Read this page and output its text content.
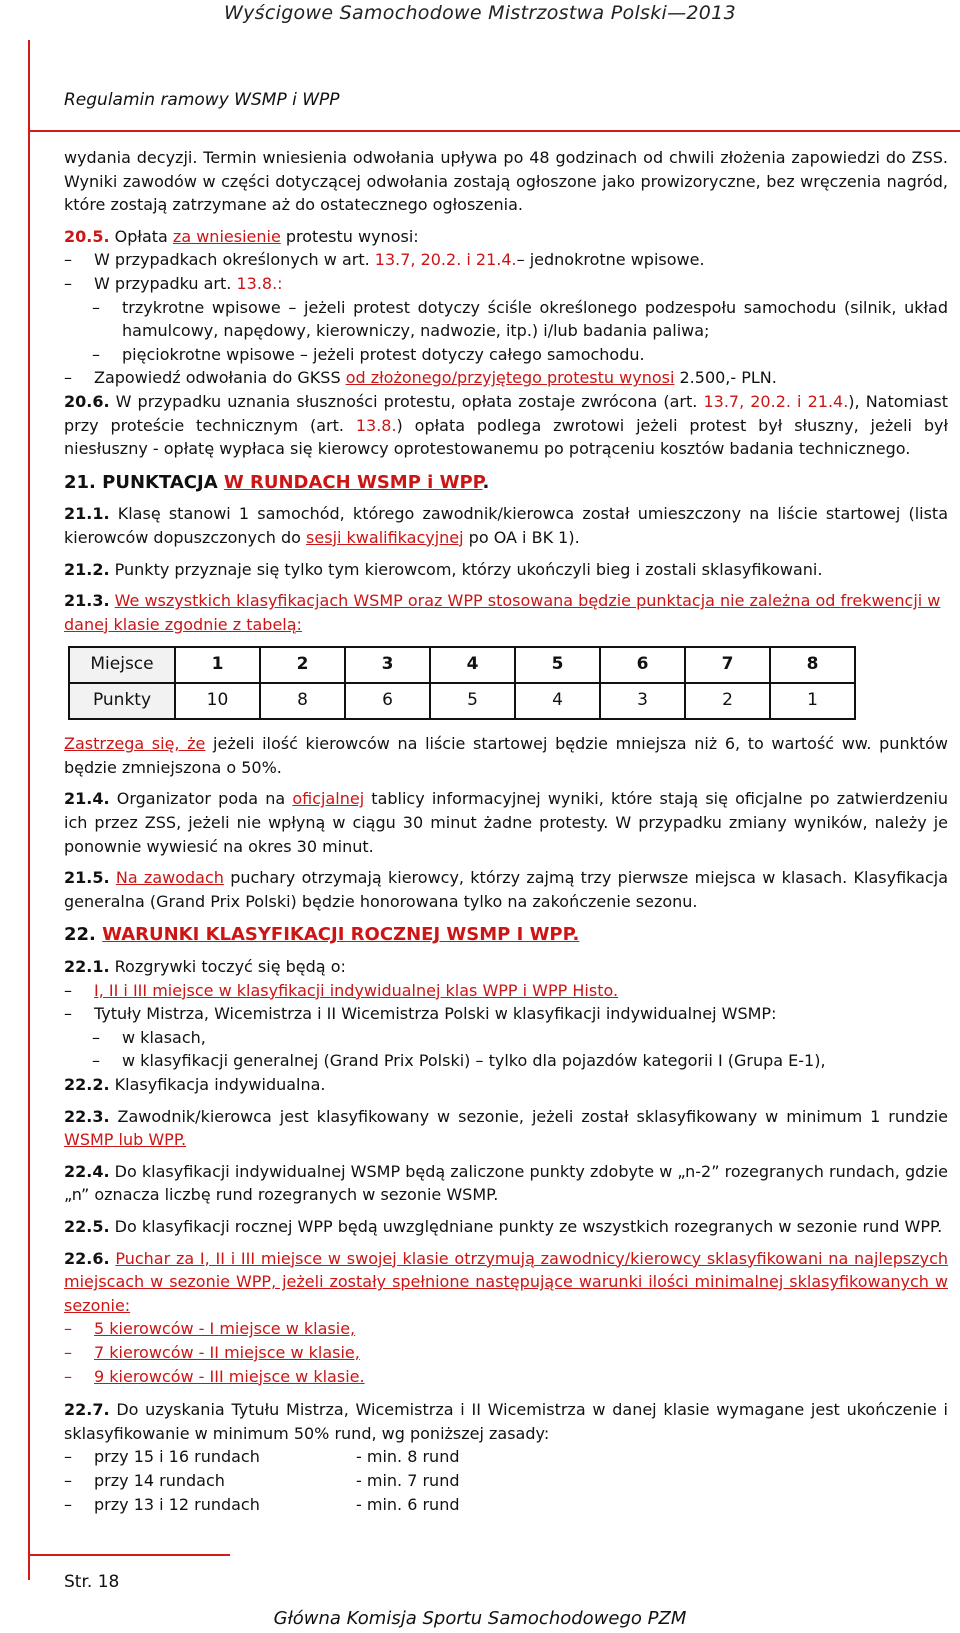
Wyścigowe Samochodowe Mistrzostwa Polski—2013
Regulamin ramowy WSMP i WPP

wydania decyzji. Termin wniesienia odwołania upływa po 48 godzinach od chwili złożenia zapowiedzi do ZSS. Wyniki zawodów w części dotyczącej odwołania zostają ogłoszone jako prowizoryczne, bez wręczenia nagród, które zostają zatrzymane aż do ostatecznego ogłoszenia.

20.5. Opłata za wniesienie protestu wynosi:

– W przypadkach określonych w art. 13.7, 20.2. i 21.4.– jednokrotne wpisowe.

– W przypadku art. 13.8.:

– trzykrotne wpisowe – jeżeli protest dotyczy ściśle określonego podzespołu samochodu (silnik, układ hamulcowy, napędowy, kierowniczy, nadwozie, itp.) i/lub badania paliwa;

– pięciokrotne wpisowe – jeżeli protest dotyczy całego samochodu.

– Zapowiedź odwołania do GKSS od złożonego/przyjętego protestu wynosi 2.500,- PLN.

20.6. W przypadku uznania słuszności protestu, opłata zostaje zwrócona (art. 13.7, 20.2. i 21.4.), Natomiast przy proteście technicznym (art. 13.8.) opłata podlega zwrotowi jeżeli protest był słuszny, jeżeli był niesłuszny - opłatę wypłaca się kierowcy oprotestowanemu po potrąceniu kosztów badania technicznego.

21. PUNKTACJA W RUNDACH WSMP i WPP.

21.1. Klasę stanowi 1 samochód, którego zawodnik/kierowca został umieszczony na liście startowej (lista kierowców dopuszczonych do sesji kwalifikacyjnej po OA i BK 1).

21.2. Punkty przyznaje się tylko tym kierowcom, którzy ukończyli bieg i zostali sklasyfikowani.

21.3. We wszystkich klasyfikacjach WSMP oraz WPP stosowana będzie punktacja nie zależna od frekwencji w danej klasie zgodnie z tabelą:

Miejsce	1	2	3	4	5	6	7	8
Punkty	10	8	6	5	4	3	2	1

Zastrzega się, że jeżeli ilość kierowców na liście startowej będzie mniejsza niż 6, to wartość ww. punktów będzie zmniejszona o 50%.

21.4. Organizator poda na oficjalnej tablicy informacyjnej wyniki, które stają się oficjalne po zatwierdzeniu ich przez ZSS, jeżeli nie wpłyną w ciągu 30 minut żadne protesty. W przypadku zmiany wyników, należy je ponownie wywiesić na okres 30 minut.

21.5. Na zawodach puchary otrzymają kierowcy, którzy zajmą trzy pierwsze miejsca w klasach. Klasyfikacja generalna (Grand Prix Polski) będzie honorowana tylko na zakończenie sezonu.

22. WARUNKI KLASYFIKACJI ROCZNEJ WSMP I WPP.

22.1. Rozgrywki toczyć się będą o:

– I, II i III miejsce w klasyfikacji indywidualnej klas WPP i WPP Histo.

– Tytuły Mistrza, Wicemistrza i II Wicemistrza Polski w klasyfikacji indywidualnej WSMP:

– w klasach,

– w klasyfikacji generalnej (Grand Prix Polski) – tylko dla pojazdów kategorii I (Grupa E-1),

22.2. Klasyfikacja indywidualna.

22.3. Zawodnik/kierowca jest klasyfikowany w sezonie, jeżeli został sklasyfikowany w minimum 1 rundzie WSMP lub WPP.

22.4. Do klasyfikacji indywidualnej WSMP będą zaliczone punkty zdobyte w „n-2” rozegranych rundach, gdzie „n” oznacza liczbę rund rozegranych w sezonie WSMP.

22.5. Do klasyfikacji rocznej WPP będą uwzględniane punkty ze wszystkich rozegranych w sezonie rund WPP.

22.6. Puchar za I, II i III miejsce w swojej klasie otrzymują zawodnicy/kierowcy sklasyfikowani na najlepszych miejscach w sezonie WPP, jeżeli zostały spełnione następujące warunki ilości minimalnej sklasyfikowanych w sezonie:

– 5 kierowców - I miejsce w klasie,

– 7 kierowców - II miejsce w klasie,

– 9 kierowców - III miejsce w klasie.

22.7. Do uzyskania Tytułu Mistrza, Wicemistrza i II Wicemistrza w danej klasie wymagane jest ukończenie i sklasyfikowanie w minimum 50% rund, wg poniższej zasady:

– przy 15 i 16 rundach	- min. 8 rund

– przy 14 rundach	- min. 7 rund

– przy 13 i 12 rundach	- min. 6 rund

Str. 18
Główna Komisja Sportu Samochodowego PZM
